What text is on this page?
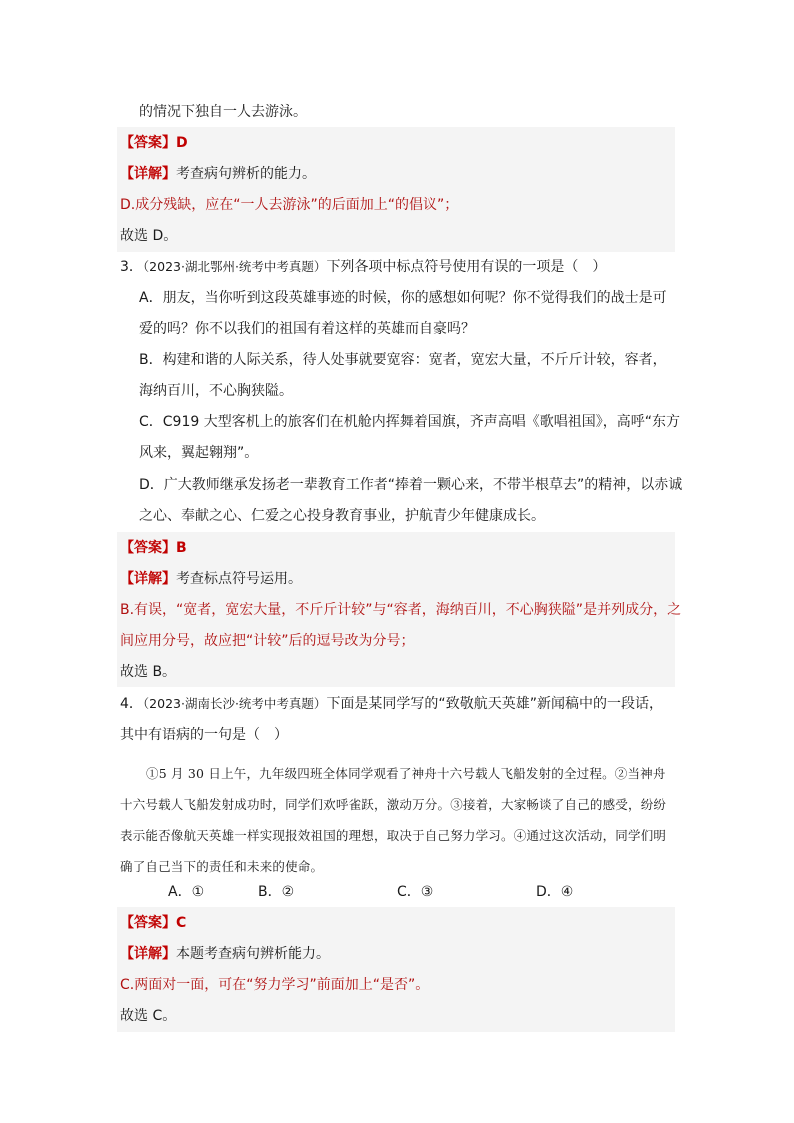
的情况下独自一人去游泳。
【答案】D
【详解】考查病句辨析的能力。
D.成分残缺，应在“一人去游泳”的后面加上“的倡议”；
故选 D。
3．（2023·湖北鄂州·统考中考真题）下列各项中标点符号使用有误的一项是（　）
A．朋友，当你听到这段英雄事迹的时候，你的感想如何呢？你不觉得我们的战士是可
爱的吗？你不以我们的祖国有着这样的英雄而自豪吗？
B．构建和谐的人际关系，待人处事就要宽容：宽者，宽宏大量，不斤斤计较，容者，
海纳百川，不心胸狭隘。
C．C919 大型客机上的旅客们在机舱内挥舞着国旗，齐声高唱《歌唱祖国》，高呼“东方
风来，翼起翱翔”。
D．广大教师继承发扬老一辈教育工作者“捧着一颗心来，不带半根草去”的精神，以赤诚
之心、奉献之心、仁爱之心投身教育事业，护航青少年健康成长。
【答案】B
【详解】考查标点符号运用。
B.有误，“宽者，宽宏大量，不斤斤计较”与“容者，海纳百川，不心胸狭隘”是并列成分，之
间应用分号，故应把“计较”后的逗号改为分号；
故选 B。
4．（2023·湖南长沙·统考中考真题）下面是某同学写的“致敬航天英雄”新闻稿中的一段话，
其中有语病的一句是（　）
①5 月 30 日上午，九年级四班全体同学观看了神舟十六号载人飞船发射的全过程。②当神舟十六号载人飞船发射成功时，同学们欢呼雀跃，激动万分。③接着，大家畅谈了自己的感受，纷纷表示能否像航天英雄一样实现报效祖国的理想，取决于自己努力学习。④通过这次活动，同学们明确了自己当下的责任和未来的使命。
A．①	B．②	C．③	D．④
【答案】C
【详解】本题考查病句辨析能力。
C.两面对一面，可在“努力学习”前面加上“是否”。
故选 C。
